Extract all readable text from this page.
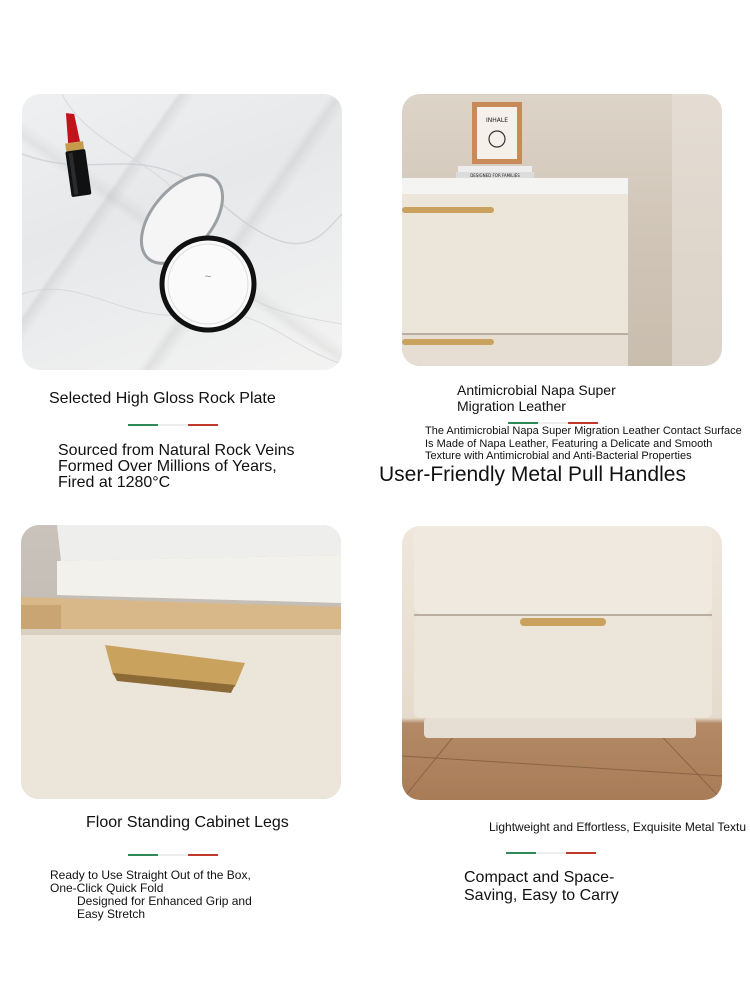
~
Selected High Gloss Rock Plate
Sourced from Natural Rock Veins Formed Over Millions of Years, Fired at 1280°C
INHALE
DESIGNED FOR FAMILIES
Antimicrobial Napa Super Migration Leather
The Antimicrobial Napa Super Migration Leather Contact Surface Is Made of Napa Leather, Featuring a Delicate and Smooth Texture with Antimicrobial and Anti-Bacterial Properties
User-Friendly Metal Pull Handles
Floor Standing Cabinet Legs
Ready to Use Straight Out of the Box, One-Click Quick Fold
Designed for Enhanced Grip and Easy Stretch
Lightweight and Effortless, Exquisite Metal Textu
Compact and Space-Saving, Easy to Carry
